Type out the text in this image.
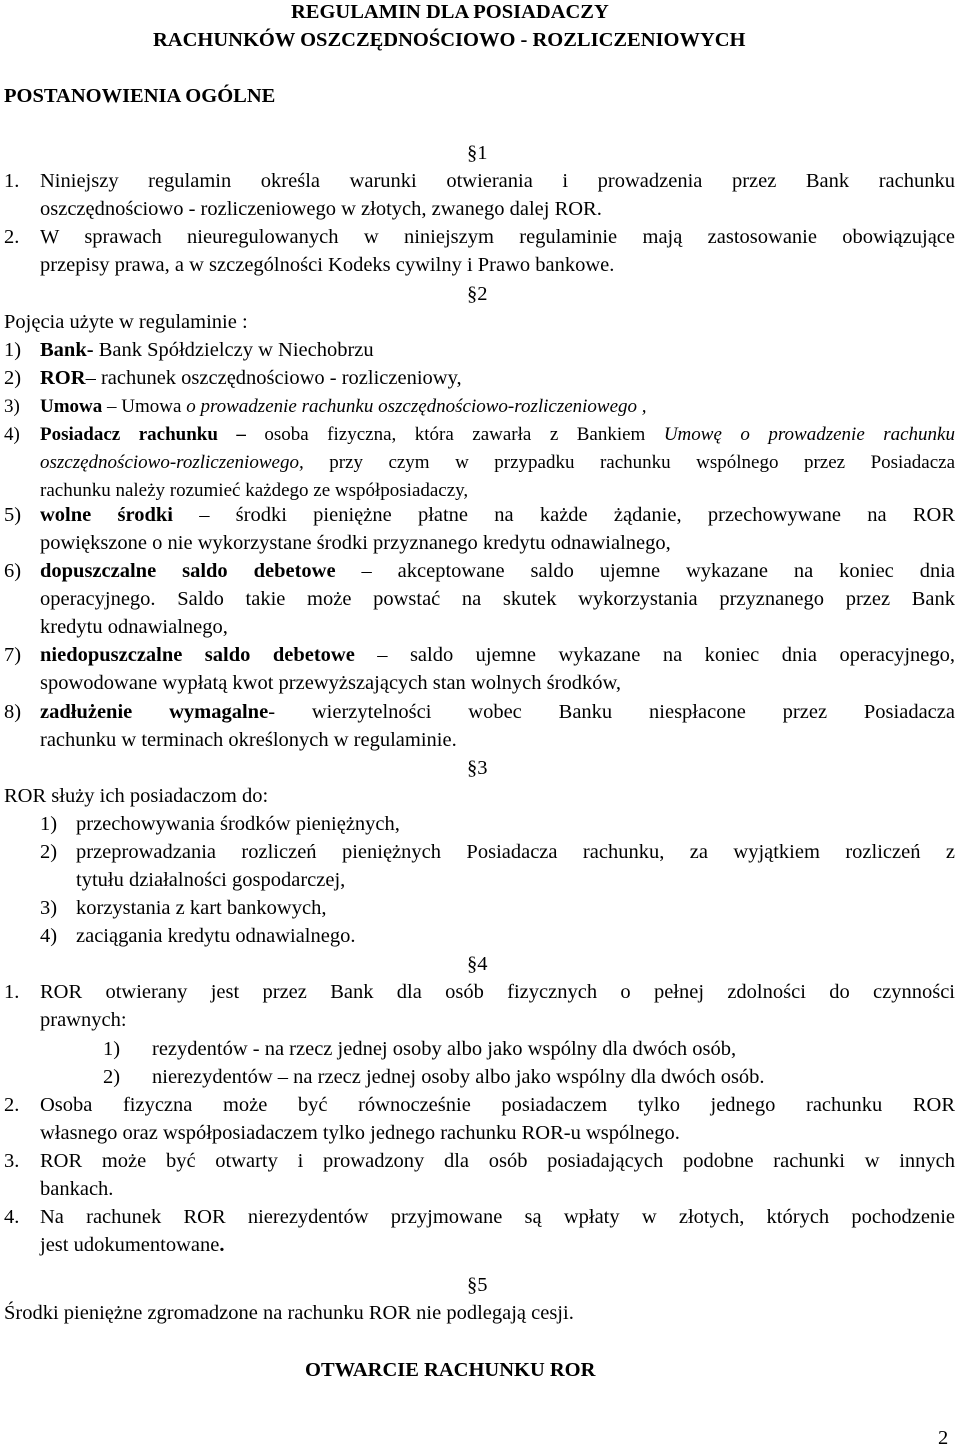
REGULAMIN DLA POSIADACZY
RACHUNKÓW OSZCZĘDNOŚCIOWO - ROZLICZENIOWYCH
POSTANOWIENIA OGÓLNE
§1
1. Niniejszy regulamin określa warunki otwierania i prowadzenia przez Bank rachunku
oszczędnościowo - rozliczeniowego w złotych, zwanego dalej ROR.
2. W sprawach nieuregulowanych w niniejszym regulaminie mają zastosowanie obowiązujące
przepisy prawa, a w szczególności Kodeks cywilny i Prawo bankowe.
§2
Pojęcia użyte w regulaminie :
1) Bank- Bank Spółdzielczy w Niechobrzu
2) ROR– rachunek oszczędnościowo - rozliczeniowy,
3) Umowa – Umowa o prowadzenie rachunku oszczędnościowo-rozliczeniowego ,
4) Posiadacz rachunku – osoba fizyczna, która zawarła z Bankiem Umowę o prowadzenie rachunku
oszczędnościowo-rozliczeniowego, przy czym w przypadku rachunku wspólnego przez Posiadacza
rachunku należy rozumieć każdego ze współposiadaczy,
5) wolne środki – środki pieniężne płatne na każde żądanie, przechowywane na ROR
powiększone o nie wykorzystane środki przyznanego kredytu odnawialnego,
6) dopuszczalne saldo debetowe – akceptowane saldo ujemne wykazane na koniec dnia
operacyjnego. Saldo takie może powstać na skutek wykorzystania przyznanego przez Bank
kredytu odnawialnego,
7) niedopuszczalne saldo debetowe – saldo ujemne wykazane na koniec dnia operacyjnego,
spowodowane wypłatą kwot przewyższających stan wolnych środków,
8) zadłużenie wymagalne- wierzytelności wobec Banku niespłacone przez Posiadacza
rachunku w terminach określonych w regulaminie.
§3
ROR służy ich posiadaczom do:
1) przechowywania środków pieniężnych,
2) przeprowadzania rozliczeń pieniężnych Posiadacza rachunku, za wyjątkiem rozliczeń z
tytułu działalności gospodarczej,
3) korzystania z kart bankowych,
4) zaciągania kredytu odnawialnego.
§4
1. ROR otwierany jest przez Bank dla osób fizycznych o pełnej zdolności do czynności
prawnych:
1) rezydentów - na rzecz jednej osoby albo jako wspólny dla dwóch osób,
2) nierezydentów – na rzecz jednej osoby albo jako wspólny dla dwóch osób.
2. Osoba fizyczna może być równocześnie posiadaczem tylko jednego rachunku ROR
własnego oraz współposiadaczem tylko jednego rachunku ROR-u wspólnego.
3. ROR może być otwarty i prowadzony dla osób posiadających podobne rachunki w innych
bankach.
4. Na rachunek ROR nierezydentów przyjmowane są wpłaty w złotych, których pochodzenie
jest udokumentowane.
§5
Środki pieniężne zgromadzone na rachunku ROR nie podlegają cesji.
OTWARCIE RACHUNKU ROR
2
